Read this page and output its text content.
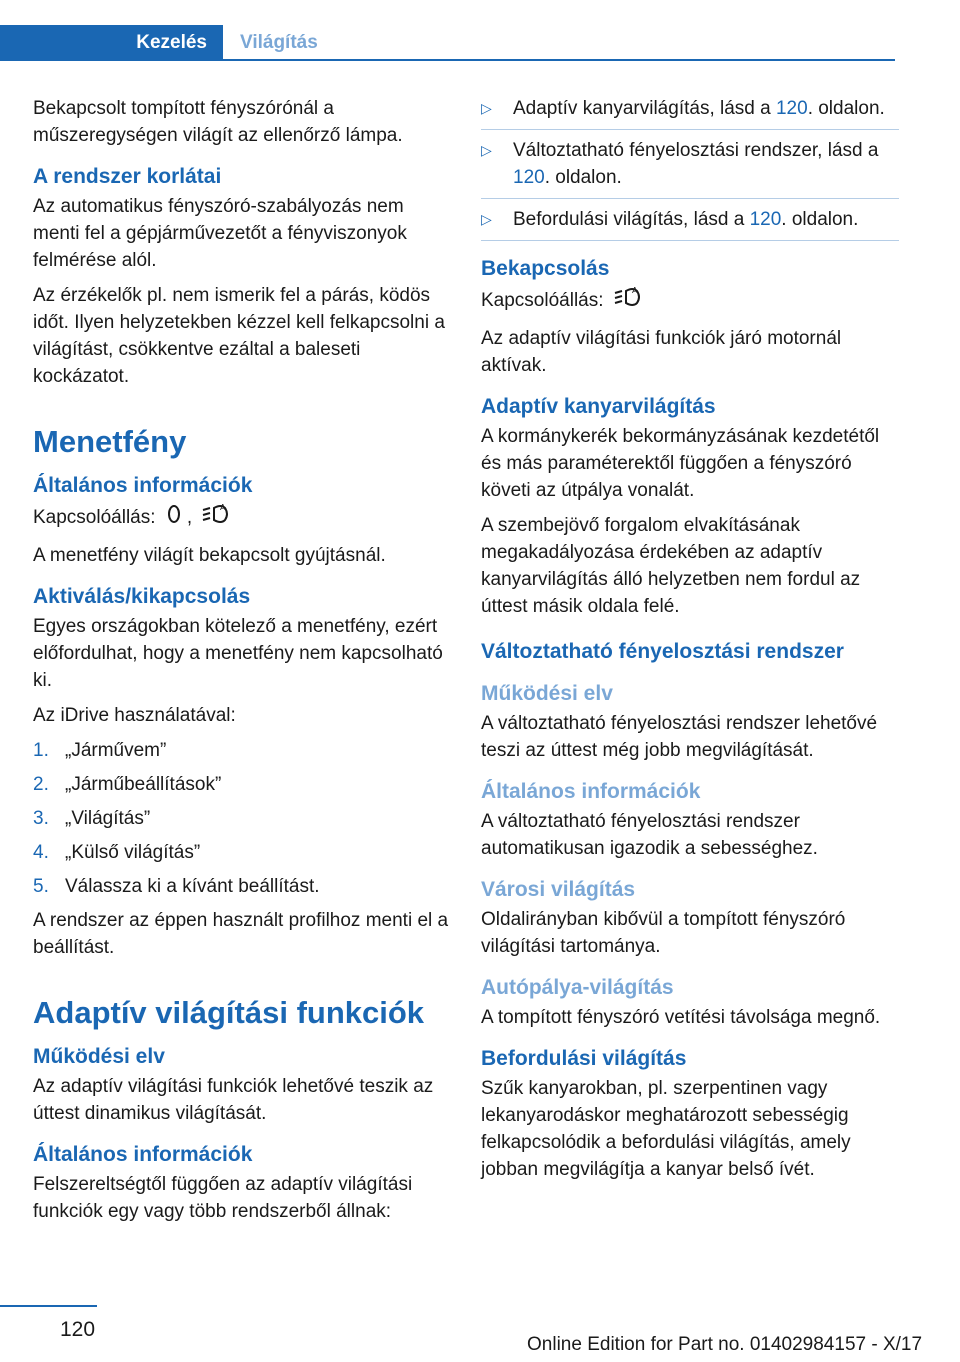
Kezelés	Világítás

Bekapcsolt tompított fényszórónál a műszeregységen világít az ellenőrző lámpa.

A rendszer korlátai

Az automatikus fényszóró-szabályozás nem menti fel a gépjárművezetőt a fényviszonyok felmérése alól.

Az érzékelők pl. nem ismerik fel a párás, ködös időt. Ilyen helyzetekben kézzel kell felkapcsolni a világítást, csökkentve ezáltal a baleseti kockázatot.

Menetfény
Általános információk

Kapcsolóállás: ,	A

A menetfény világít bekapcsolt gyújtásnál.

Aktiválás/kikapcsolás

Egyes országokban kötelező a menetfény, ezért előfordulhat, hogy a menetfény nem kapcsolható ki.

Az iDrive használatával:

1. „Járművem”
2. „Járműbeállítások”
3. „Világítás”
4. „Külső világítás”
5. Válassza ki a kívánt beállítást.

A rendszer az éppen használt profilhoz menti el a beállítást.

Adaptív világítási funkciók
Működési elv

Az adaptív világítási funkciók lehetővé teszik az úttest dinamikus világítását.

Általános információk

Felszereltségtől függően az adaptív világítási funkciók egy vagy több rendszerből állnak:

▷ Adaptív kanyarvilágítás, lásd a 120. oldalon.
▷ Változtatható fényelosztási rendszer, lásd a 120. oldalon.
▷ Befordulási világítás, lásd a 120. oldalon.
Bekapcsolás

Kapcsolóállás:	A

Az adaptív világítási funkciók járó motornál aktívak.

Adaptív kanyarvilágítás

A kormánykerék bekormányzásának kezdetétől és más paraméterektől függően a fényszóró követi az útpálya vonalát.

A szembejövő forgalom elvakításának megakadályozása érdekében az adaptív kanyarvilágítás álló helyzetben nem fordul az úttest másik oldala felé.

Változtatható fényelosztási rendszer
Működési elv

A változtatható fényelosztási rendszer lehetővé teszi az úttest még jobb megvilágítását.

Általános információk

A változtatható fényelosztási rendszer automatikusan igazodik a sebességhez.

Városi világítás

Oldalirányban kibővül a tompított fényszóró világítási tartománya.

Autópálya-világítás

A tompított fényszóró vetítési távolsága megnő.

Befordulási világítás

Szűk kanyarokban, pl. szerpentinen vagy lekanyarodáskor meghatározott sebességig felkapcsolódik a befordulási világítás, amely jobban megvilágítja a kanyar belső ívét.

120
Online Edition for Part no. 01402984157 - X/17
